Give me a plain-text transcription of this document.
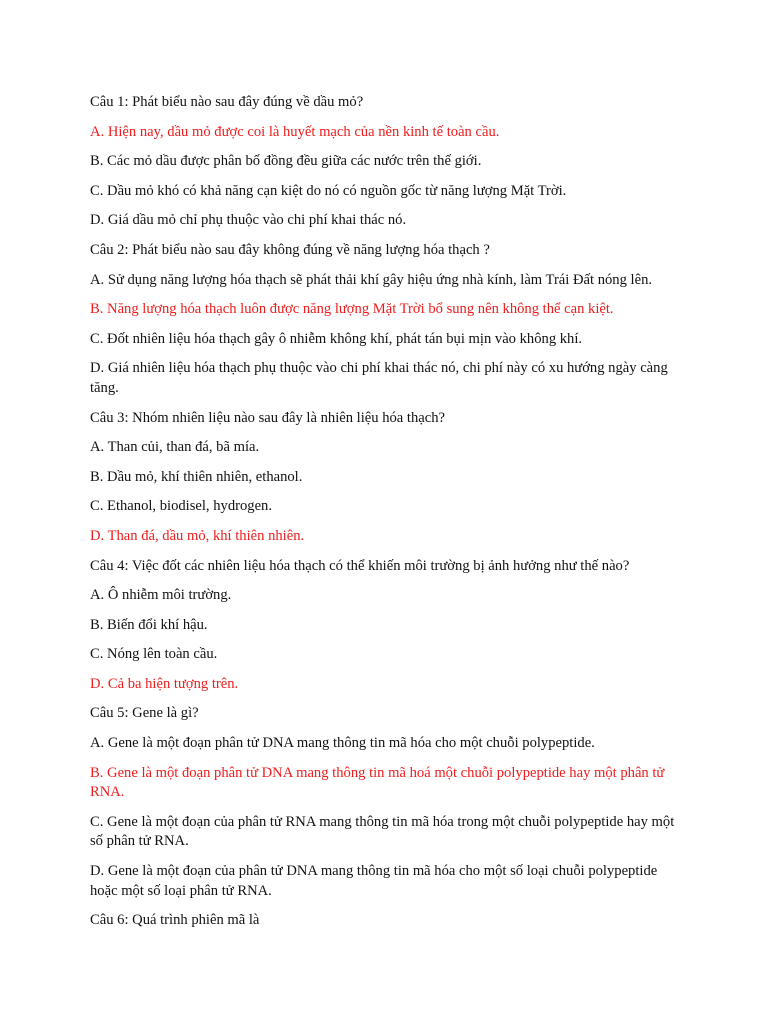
Câu 1: Phát biểu nào sau đây đúng về dầu mỏ?

A. Hiện nay, dầu mỏ được coi là huyết mạch của nền kinh tế toàn cầu.

B. Các mỏ dầu được phân bố đồng đều giữa các nước trên thế giới.

C. Dầu mỏ khó có khả năng cạn kiệt do nó có nguồn gốc từ năng lượng Mặt Trời.

D. Giá dầu mỏ chỉ phụ thuộc vào chi phí khai thác nó.

Câu 2: Phát biểu nào sau đây không đúng về năng lượng hóa thạch ?

A. Sử dụng năng lượng hóa thạch sẽ phát thải khí gây hiệu ứng nhà kính, làm Trái Đất nóng lên.

B. Năng lượng hóa thạch luôn được năng lượng Mặt Trời bổ sung nên không thể cạn kiệt.

C. Đốt nhiên liệu hóa thạch gây ô nhiễm không khí, phát tán bụi mịn vào không khí.

D. Giá nhiên liệu hóa thạch phụ thuộc vào chi phí khai thác nó, chi phí này có xu hướng ngày càng tăng.

Câu 3: Nhóm nhiên liệu nào sau đây là nhiên liệu hóa thạch?

A. Than củi, than đá, bã mía.

B. Dầu mỏ, khí thiên nhiên, ethanol.

C. Ethanol, biodisel, hydrogen.

D. Than đá, dầu mỏ, khí thiên nhiên.

Câu 4: Việc đốt các nhiên liệu hóa thạch có thể khiến môi trường bị ảnh hưởng như thế nào?

A. Ô nhiễm môi trường.

B. Biến đổi khí hậu.

C. Nóng lên toàn cầu.

D. Cả ba hiện tượng trên.

Câu 5: Gene là gì?

A. Gene là một đoạn phân tử DNA mang thông tin mã hóa cho một chuỗi polypeptide.

B. Gene là một đoạn phân tử DNA mang thông tin mã hoá một chuỗi polypeptide hay một phân tử RNA.

C. Gene là một đoạn của phân tử RNA mang thông tin mã hóa trong một chuỗi polypeptide hay một số phân tử RNA.

D. Gene là một đoạn của phân tử DNA mang thông tin mã hóa cho một số loại chuỗi polypeptide hoặc một số loại phân tử RNA.

Câu 6: Quá trình phiên mã là
